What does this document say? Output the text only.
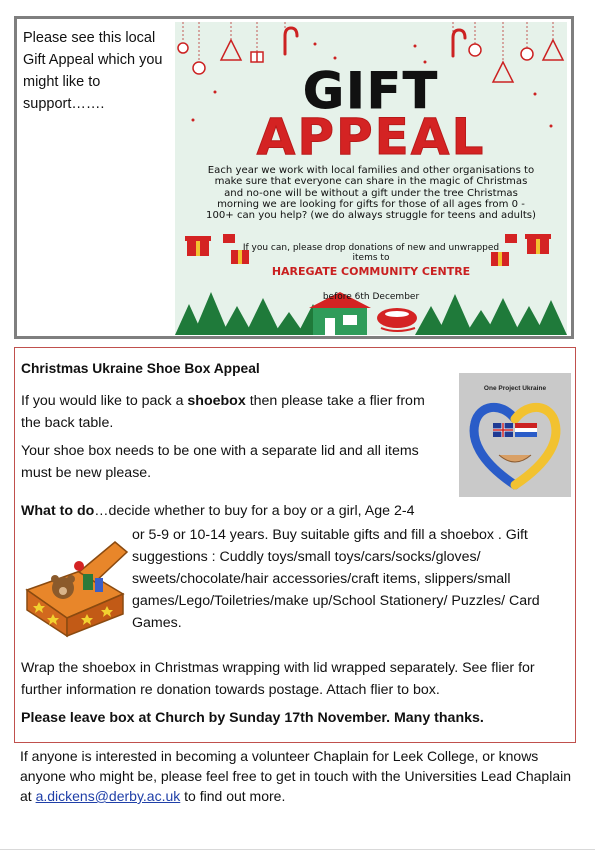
Please see this local Gift Appeal which you might like to support…….	GIFT
APPEAL
Each year we work with local families and other organisations to make sure that everyone can share in the magic of Christmas and no-one will be without a gift under the tree Christmas morning we are looking for gifts for those of all ages from 0 - 100+ can you help? (we do always struggle for teens and adults)
If you can, please drop donations of new and unwrapped items to
HAREGATE COMMUNITY CENTRE
before 6th December
Christmas Ukraine Shoe Box Appeal
If you would like to pack a shoebox then please take a flier from the back table.
Your shoe box needs to be one with a separate lid and all items must be new please.
What to do…decide whether to buy for a boy or a girl, Age 2-4
or 5-9 or 10-14 years. Buy suitable gifts and fill a shoebox . Gift suggestions : Cuddly toys/small toys/cars/socks/gloves/ sweets/chocolate/hair accessories/craft items, slippers/small games/Lego/Toiletries/make up/School Stationery/ Puzzles/ Card Games.
Wrap the shoebox in Christmas wrapping with lid wrapped separately. See flier for further information re donation towards postage. Attach flier to box.
Please leave box at Church by Sunday 17th November. Many thanks.
One Project Ukraine
If anyone is interested in becoming a volunteer Chaplain for Leek College, or knows anyone who might be, please feel free to get in touch with the Universities Lead Chaplain at a.dickens@derby.ac.uk to find out more.
